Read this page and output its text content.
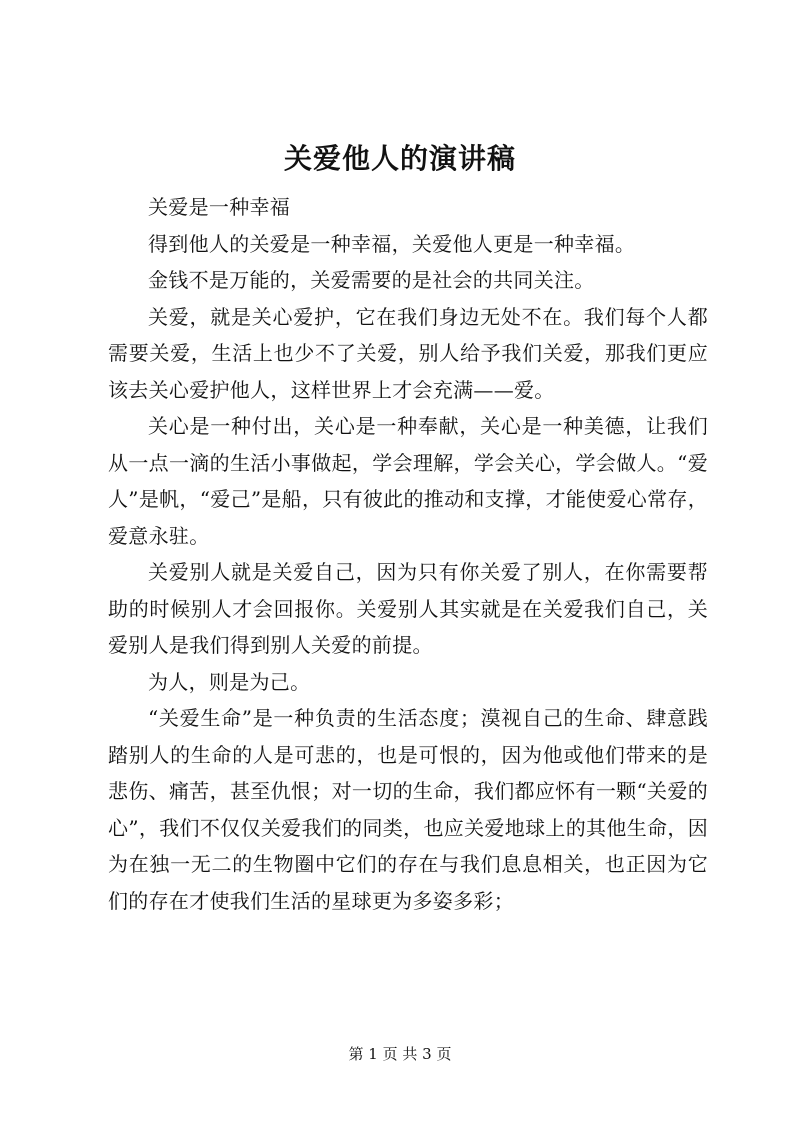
关爱他人的演讲稿

关爱是一种幸福

得到他人的关爱是一种幸福，关爱他人更是一种幸福。

金钱不是万能的，关爱需要的是社会的共同关注。

关爱，就是关心爱护，它在我们身边无处不在。我们每个人都需要关爱，生活上也少不了关爱，别人给予我们关爱，那我们更应该去关心爱护他人，这样世界上才会充满——爱。

关心是一种付出，关心是一种奉献，关心是一种美德，让我们从一点一滴的生活小事做起，学会理解，学会关心，学会做人。“爱人”是帆，“爱己”是船，只有彼此的推动和支撑，才能使爱心常存，爱意永驻。

关爱别人就是关爱自己，因为只有你关爱了别人，在你需要帮助的时候别人才会回报你。关爱别人其实就是在关爱我们自己，关爱别人是我们得到别人关爱的前提。

为人，则是为己。

“关爱生命”是一种负责的生活态度；漠视自己的生命、肆意践踏别人的生命的人是可悲的，也是可恨的，因为他或他们带来的是悲伤、痛苦，甚至仇恨；对一切的生命，我们都应怀有一颗“关爱的心”，我们不仅仅关爱我们的同类，也应关爱地球上的其他生命，因为在独一无二的生物圈中它们的存在与我们息息相关，也正因为它们的存在才使我们生活的星球更为多姿多彩；

第 1 页 共 3 页
